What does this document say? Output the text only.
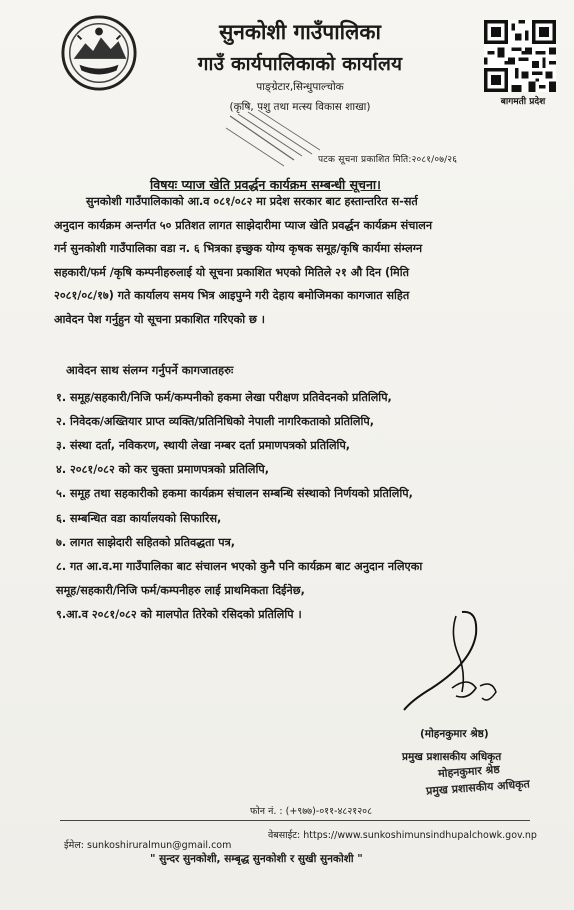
सुनकोशी गाउँपालिका
गाउँ कार्यपालिकाको कार्यालय
पाङ्ग्रेटार,सिन्धुपाल्चोक
(कृषि, पशु तथा मत्स्य विकास शाखा)	बागमती प्रदेश
पटक सूचना प्रकाशित मिति:२०८१/०७/२६
विषयः प्याज खेति प्रवर्द्धन कार्यक्रम सम्बन्धी सूचना।
सुनकोशी गाउँपालिकाको आ.व ०८१/०८२ मा प्रदेश सरकार बाट हस्तान्तरित स-सर्त
अनुदान कार्यक्रम अन्तर्गत ५० प्रतिशत लागत साझेदारीमा प्याज खेति प्रवर्द्धन कार्यक्रम संचालन
गर्न सुनकोशी गाउँपालिका वडा न. ६ भित्रका इच्छुक योग्य कृषक समूह/कृषि कार्यमा संम्लग्न
सहकारी/फर्म /कृषि कम्पनीहरुलाई यो सूचना प्रकाशित भएको मितिले २१ औ दिन (मिति
२०८१/०८/१७) गते कार्यालय समय भित्र आइपुग्ने गरी देहाय बमोजिमका कागजात सहित
आवेदन पेश गर्नुहुन यो सूचना प्रकाशित गरिएको छ ।
आवेदन साथ संलग्न गर्नुपर्ने कागजातहरुः
१. समूह/सहकारी/निजि फर्म/कम्पनीको हकमा लेखा परीक्षण प्रतिवेदनको प्रतिलिपि,
२. निवेदक/अख्तियार प्राप्त व्यक्ति/प्रतिनिधिको नेपाली नागरिकताको प्रतिलिपि,
३. संस्था दर्ता, नविकरण, स्थायी लेखा नम्बर दर्ता प्रमाणपत्रको प्रतिलिपि,
४. २०८१/०८२ को कर चुक्ता प्रमाणपत्रको प्रतिलिपि,
५. समूह तथा सहकारीको हकमा कार्यक्रम संचालन सम्बन्धि संस्थाको निर्णयको प्रतिलिपि,
६. सम्बन्धित वडा कार्यालयको सिफारिस,
७. लागत साझेदारी सहितको प्रतिवद्धता पत्र,
८. गत आ.व.मा गाउँपालिका बाट संचालन भएको कुनै पनि कार्यक्रम बाट अनुदान नलिएका
समूह/सहकारी/निजि फर्म/कम्पनीहरु लाई प्राथमिकता दिईनेछ,
९.आ.व २०८१/०८२ को मालपोत तिरेको रसिदको प्रतिलिपि ।
(मोहनकुमार श्रेष्ठ)
प्रमुख प्रशासकीय अधिकृत
मोहनकुमार श्रेष्ठ
प्रमुख प्रशासकीय अधिकृत
फोन नं. : (+९७७)-०११-४८२१२०८
वेबसाईट: https://www.sunkoshimunsindhupalchowk.gov.np
ईमेल: sunkoshiruralmun@gmail.com
" सुन्दर सुनकोशी, सम्बृद्ध सुनकोशी र सुखी सुनकोशी "
